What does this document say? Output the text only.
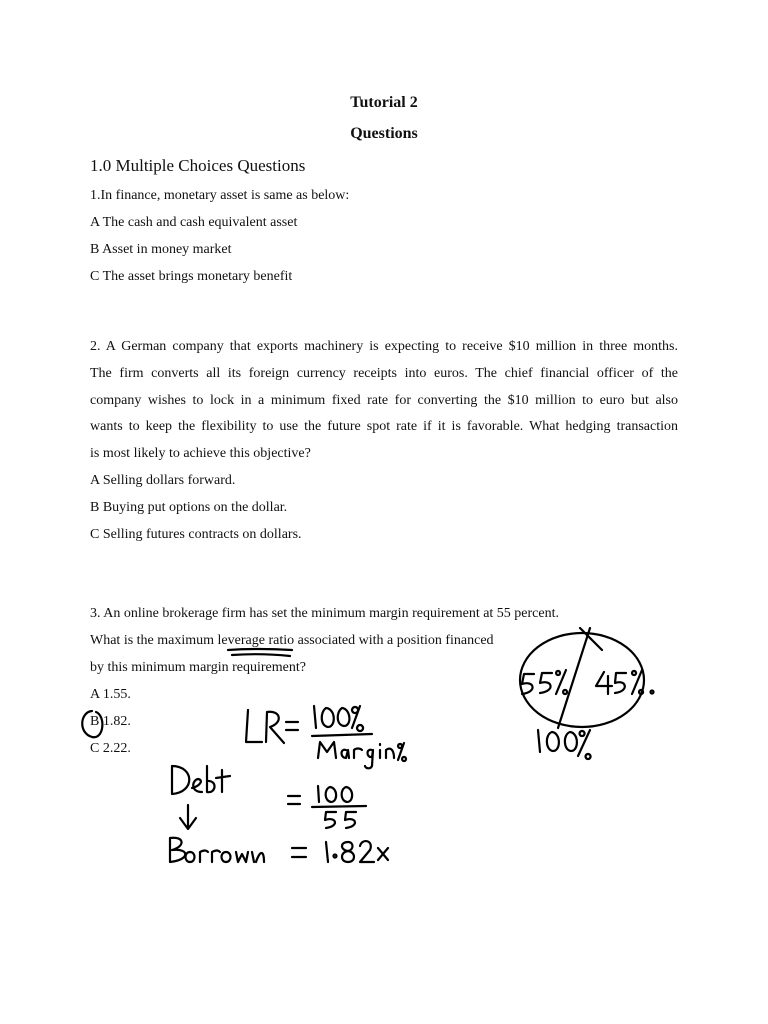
Tutorial 2
Questions
1.0 Multiple Choices Questions
1.In finance, monetary asset is same as below:
A The cash and cash equivalent asset
B Asset in money market
C The asset brings monetary benefit
2. A German company that exports machinery is expecting to receive $10 million in three months.
The firm converts all its foreign currency receipts into euros. The chief financial officer of the
company wishes to lock in a minimum fixed rate for converting the $10 million to euro but also
wants to keep the flexibility to use the future spot rate if it is favorable. What hedging transaction
is most likely to achieve this objective?
A Selling dollars forward.
B Buying put options on the dollar.
C Selling futures contracts on dollars.
3. An online brokerage firm has set the minimum margin requirement at 55 percent.
What is the maximum leverage ratio associated with a position financed
by this minimum margin requirement?
A 1.55.
B 1.82.
C 2.22.
